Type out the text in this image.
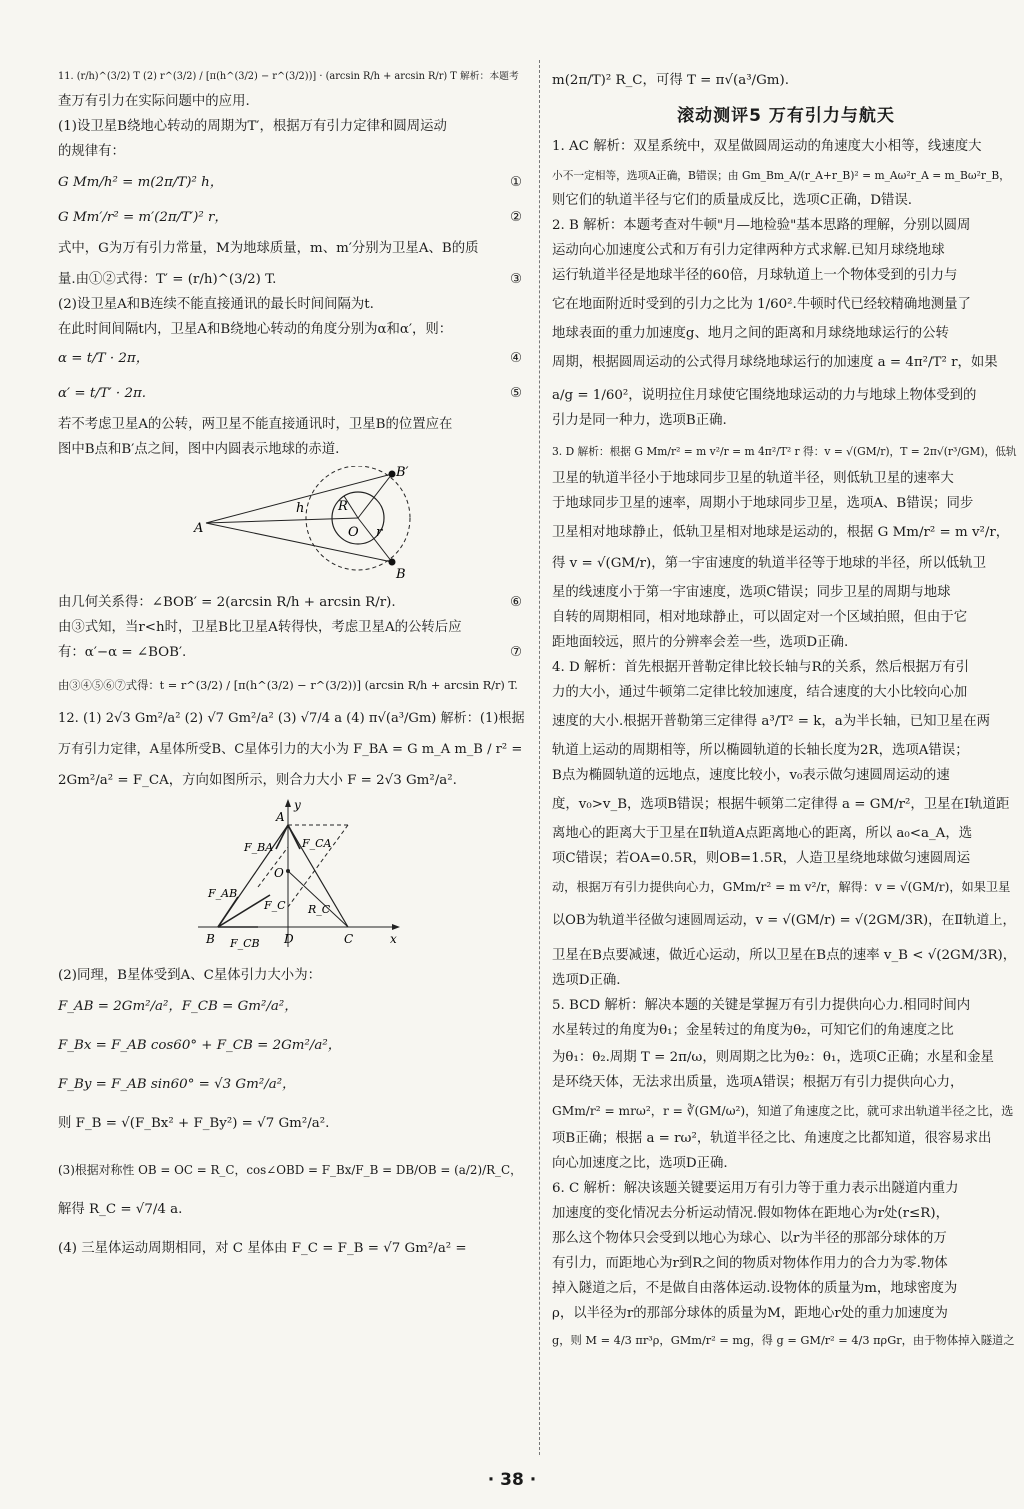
11. (r/h)^(3/2) T (2) r^(3/2) / [π(h^(3/2) − r^(3/2))] · (arcsin R/h + arcsin R/r) T 解析：本题考

查万有引力在实际问题中的应用.

(1)设卫星B绕地心转动的周期为T′，根据万有引力定律和圆周运动

的规律有：

G Mm/h² = m(2π/T)² h，	①

G Mm′/r² = m′(2π/T′)² r，	②

式中，G为万有引力常量，M为地球质量，m、m′分别为卫星A、B的质

量.由①②式得：T′ = (r/h)^(3/2) T.	③

(2)设卫星A和B连续不能直接通讯的最长时间间隔为t.

在此时间间隔t内，卫星A和B绕地心转动的角度分别为α和α′，则：

α = t/T · 2π，	④

α′ = t/T′ · 2π.	⑤

若不考虑卫星A的公转，两卫星不能直接通讯时，卫星B的位置应在

图中B点和B′点之间，图中内圆表示地球的赤道.

A
B′
B
O
R
h
r

由几何关系得：∠BOB′ = 2(arcsin R/h + arcsin R/r).	⑥

由③式知，当r<h时，卫星B比卫星A转得快，考虑卫星A的公转后应

有：α′−α = ∠BOB′.	⑦

由③④⑤⑥⑦式得：t = r^(3/2) / [π(h^(3/2) − r^(3/2))] (arcsin R/h + arcsin R/r) T.

12. (1) 2√3 Gm²/a² (2) √7 Gm²/a² (3) √7/4 a (4) π√(a³/Gm) 解析：(1)根据

万有引力定律，A星体所受B、C星体引力的大小为 F_BA = G m_A m_B / r² =

2Gm²/a² = F_CA，方向如图所示，则合力大小 F = 2√3 Gm²/a².

y
x
A
B	C
D
O
F_BA	F_CA
F_AB
F_CB
F_C R_C

(2)同理，B星体受到A、C星体引力大小为：

F_AB = 2Gm²/a²，F_CB = Gm²/a²，

F_Bx = F_AB cos60° + F_CB = 2Gm²/a²，

F_By = F_AB sin60° = √3 Gm²/a²，

则 F_B = √(F_Bx² + F_By²) = √7 Gm²/a².

(3)根据对称性 OB = OC = R_C，cos∠OBD = F_Bx/F_B = DB/OB = (a/2)/R_C，

解得 R_C = √7/4 a.

(4) 三星体运动周期相同，对 C 星体由 F_C = F_B = √7 Gm²/a² =

m(2π/T)² R_C，可得 T = π√(a³/Gm).

滚动测评5 万有引力与航天

1. AC 解析：双星系统中，双星做圆周运动的角速度大小相等，线速度大

小不一定相等，选项A正确，B错误；由 Gm_Bm_A/(r_A+r_B)² = m_Aω²r_A = m_Bω²r_B，

则它们的轨道半径与它们的质量成反比，选项C正确，D错误.

2. B 解析：本题考查对牛顿"月—地检验"基本思路的理解，分别以圆周

运动向心加速度公式和万有引力定律两种方式求解.已知月球绕地球

运行轨道半径是地球半径的60倍，月球轨道上一个物体受到的引力与

它在地面附近时受到的引力之比为 1/60².牛顿时代已经较精确地测量了

地球表面的重力加速度g、地月之间的距离和月球绕地球运行的公转

周期，根据圆周运动的公式得月球绕地球运行的加速度 a = 4π²/T² r，如果

a/g = 1/60²，说明拉住月球使它围绕地球运动的力与地球上物体受到的

引力是同一种力，选项B正确.

3. D 解析：根据 G Mm/r² = m v²/r = m 4π²/T² r 得：v = √(GM/r)，T = 2π√(r³/GM)，低轨

卫星的轨道半径小于地球同步卫星的轨道半径，则低轨卫星的速率大

于地球同步卫星的速率，周期小于地球同步卫星，选项A、B错误；同步

卫星相对地球静止，低轨卫星相对地球是运动的，根据 G Mm/r² = m v²/r，

得 v = √(GM/r)，第一宇宙速度的轨道半径等于地球的半径，所以低轨卫

星的线速度小于第一宇宙速度，选项C错误；同步卫星的周期与地球

自转的周期相同，相对地球静止，可以固定对一个区域拍照，但由于它

距地面较远，照片的分辨率会差一些，选项D正确.

4. D 解析：首先根据开普勒定律比较长轴与R的关系，然后根据万有引

力的大小，通过牛顿第二定律比较加速度，结合速度的大小比较向心加

速度的大小.根据开普勒第三定律得 a³/T² = k，a为半长轴，已知卫星在两

轨道上运动的周期相等，所以椭圆轨道的长轴长度为2R，选项A错误；

B点为椭圆轨道的远地点，速度比较小，v₀表示做匀速圆周运动的速

度，v₀>v_B，选项B错误；根据牛顿第二定律得 a = GM/r²，卫星在Ⅰ轨道距

离地心的距离大于卫星在Ⅱ轨道A点距离地心的距离，所以 a₀<a_A，选

项C错误；若OA=0.5R，则OB=1.5R，人造卫星绕地球做匀速圆周运

动，根据万有引力提供向心力，GMm/r² = m v²/r，解得：v = √(GM/r)，如果卫星

以OB为轨道半径做匀速圆周运动，v = √(GM/r) = √(2GM/3R)，在Ⅱ轨道上，

卫星在B点要减速，做近心运动，所以卫星在B点的速率 v_B < √(2GM/3R)，

选项D正确.

5. BCD 解析：解决本题的关键是掌握万有引力提供向心力.相同时间内

水星转过的角度为θ₁；金星转过的角度为θ₂，可知它们的角速度之比

为θ₁：θ₂.周期 T = 2π/ω，则周期之比为θ₂：θ₁，选项C正确；水星和金星

是环绕天体，无法求出质量，选项A错误；根据万有引力提供向心力，

GMm/r² = mrω²，r = ∛(GM/ω²)，知道了角速度之比，就可求出轨道半径之比，选

项B正确；根据 a = rω²，轨道半径之比、角速度之比都知道，很容易求出

向心加速度之比，选项D正确.

6. C 解析：解决该题关键要运用万有引力等于重力表示出隧道内重力

加速度的变化情况去分析运动情况.假如物体在距地心为r处(r≤R)，

那么这个物体只会受到以地心为球心、以r为半径的那部分球体的万

有引力，而距地心为r到R之间的物质对物体作用力的合力为零.物体

掉入隧道之后，不是做自由落体运动.设物体的质量为m，地球密度为

ρ，以半径为r的那部分球体的质量为M，距地心r处的重力加速度为

g，则 M = 4/3 πr³ρ，GMm/r² = mg，得 g = GM/r² = 4/3 πρGr，由于物体掉入隧道之

· 38 ·
